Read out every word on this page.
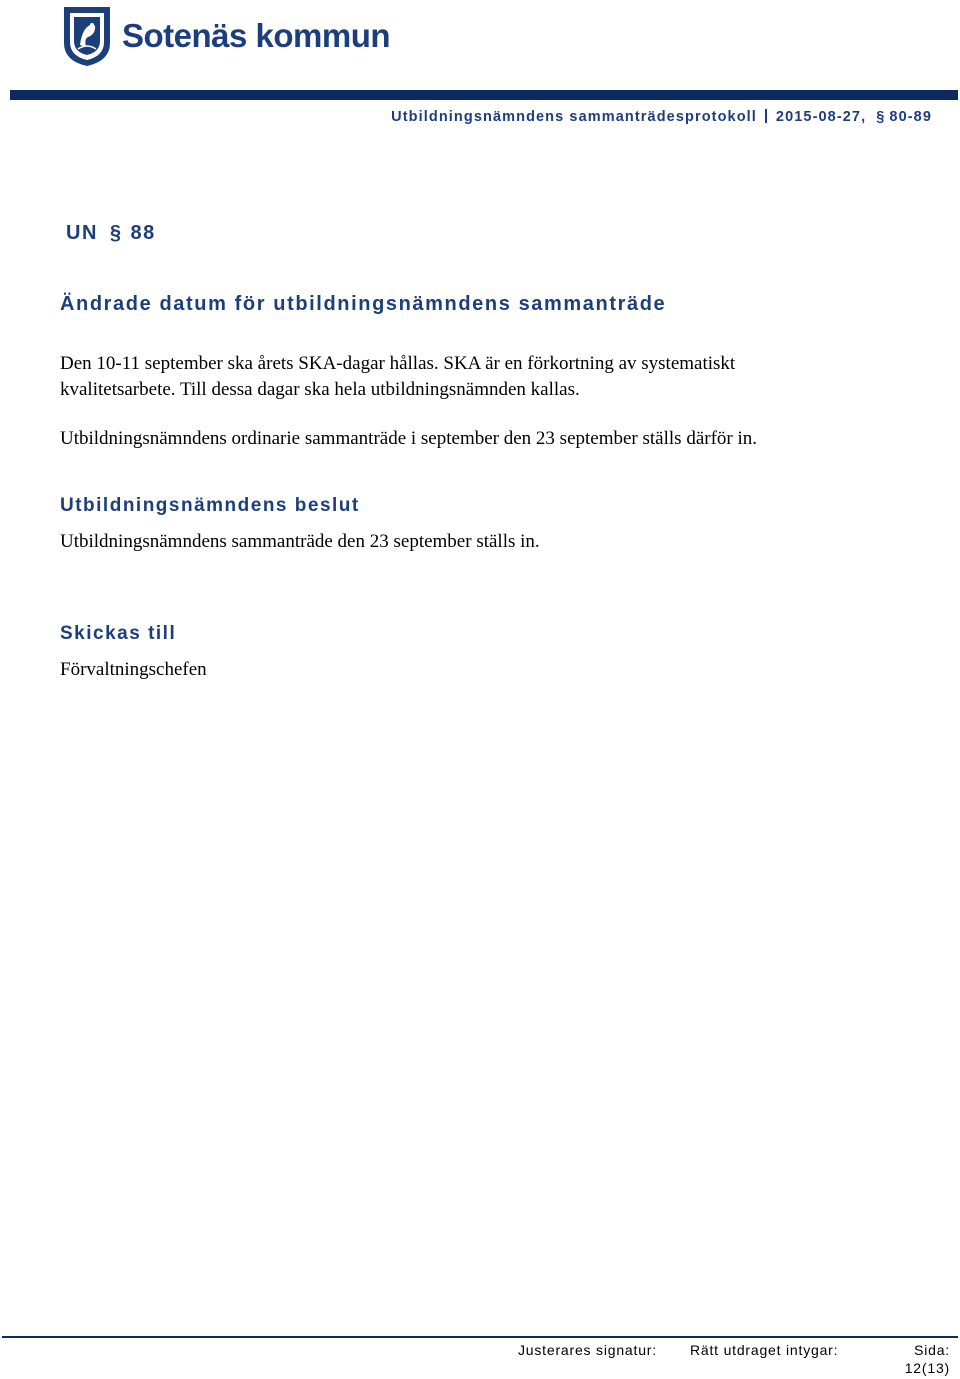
Sotenäs kommun
Utbildningsnämndens sammanträdesprotokoll 2015-08-27, § 80-89
UN § 88
Ändrade datum för utbildningsnämndens sammanträde
Den 10-11 september ska årets SKA-dagar hållas. SKA är en förkortning av systematiskt
kvalitetsarbete. Till dessa dagar ska hela utbildningsnämnden kallas.
Utbildningsnämndens ordinarie sammanträde i september den 23 september ställs därför in.
Utbildningsnämndens beslut
Utbildningsnämndens sammanträde den 23 september ställs in.
Skickas till
Förvaltningschefen
Justerares signatur: Rätt utdraget intygar:	Sida:
12(13)
